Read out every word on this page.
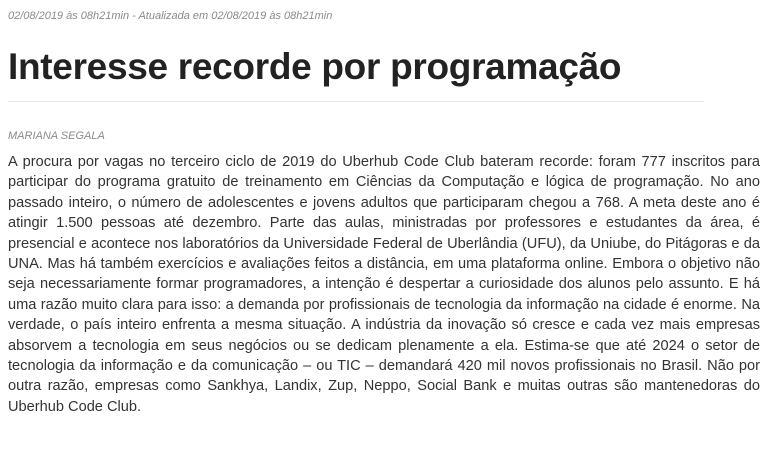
02/08/2019 às 08h21min - Atualizada em 02/08/2019 às 08h21min
Interesse recorde por programação
MARIANA SEGALA

A procura por vagas no terceiro ciclo de 2019 do Uberhub Code Club bateram recorde: foram 777 inscritos para participar do programa gratuito de treinamento em Ciências da Computação e lógica de programação. No ano passado inteiro, o número de adolescentes e jovens adultos que participaram chegou a 768. A meta deste ano é atingir 1.500 pessoas até dezembro. Parte das aulas, ministradas por professores e estudantes da área, é presencial e acontece nos laboratórios da Universidade Federal de Uberlândia (UFU), da Uniube, do Pitágoras e da UNA. Mas há também exercícios e avaliações feitos a distância, em uma plataforma online. Embora o objetivo não seja necessariamente formar programadores, a intenção é despertar a curiosidade dos alunos pelo assunto. E há uma razão muito clara para isso: a demanda por profissionais de tecnologia da informação na cidade é enorme. Na verdade, o país inteiro enfrenta a mesma situação. A indústria da inovação só cresce e cada vez mais empresas absorvem a tecnologia em seus negócios ou se dedicam plenamente a ela. Estima-se que até 2024 o setor de tecnologia da informação e da comunicação – ou TIC – demandará 420 mil novos profissionais no Brasil. Não por outra razão, empresas como Sankhya, Landix, Zup, Neppo, Social Bank e muitas outras são mantenedoras do Uberhub Code Club.
